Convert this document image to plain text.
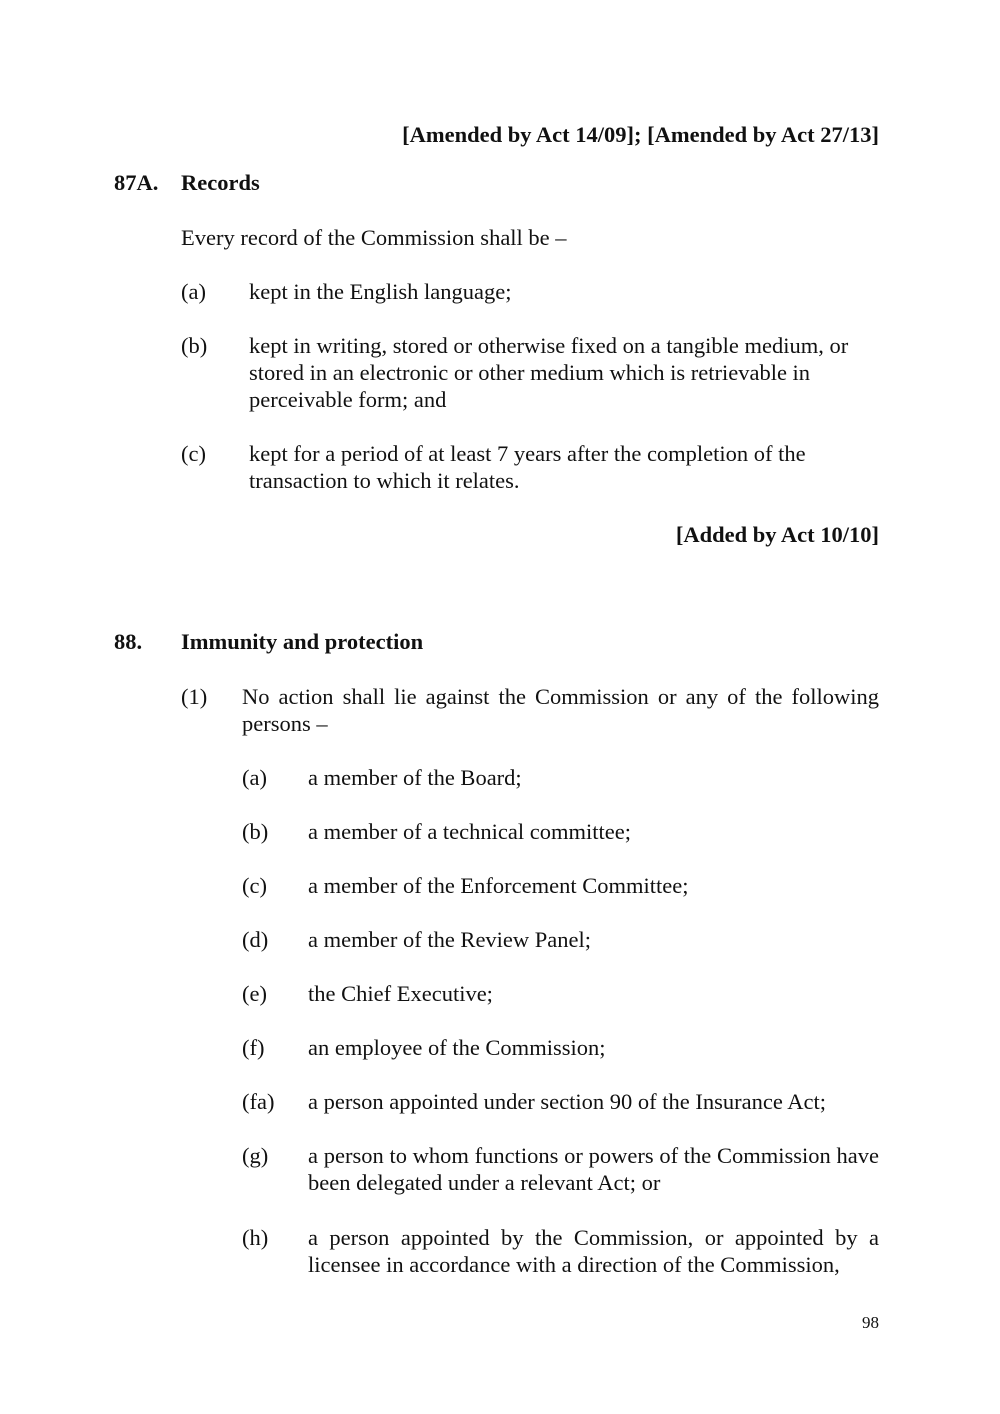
[Amended by Act 14/09]; [Amended by Act 27/13]
87A. Records
Every record of the Commission shall be –
(a) kept in the English language;
(b) kept in writing, stored or otherwise fixed on a tangible medium, or stored in an electronic or other medium which is retrievable in perceivable form; and
(c) kept for a period of at least 7 years after the completion of the transaction to which it relates.
[Added by Act 10/10]
88. Immunity and protection
(1) No action shall lie against the Commission or any of the following persons –
(a) a member of the Board;
(b) a member of a technical committee;
(c) a member of the Enforcement Committee;
(d) a member of the Review Panel;
(e) the Chief Executive;
(f) an employee of the Commission;
(fa) a person appointed under section 90 of the Insurance Act;
(g) a person to whom functions or powers of the Commission have been delegated under a relevant Act; or
(h) a person appointed by the Commission, or appointed by a licensee in accordance with a direction of the Commission,
98
